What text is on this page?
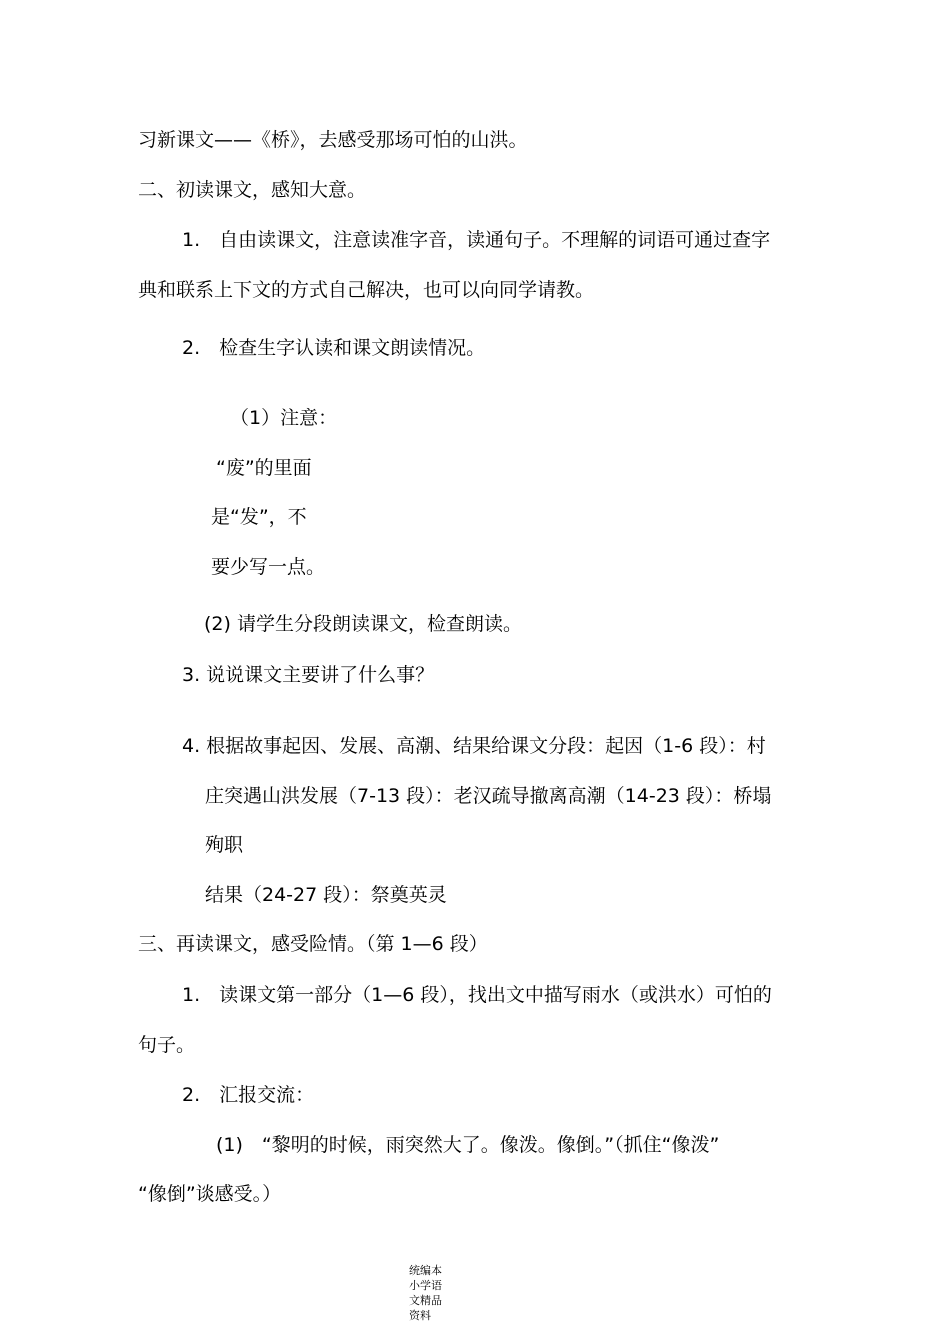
习新课文——《桥》，去感受那场可怕的山洪。
二、初读课文，感知大意。
1.　自由读课文，注意读准字音，读通句子。不理解的词语可通过查字
典和联系上下文的方式自己解决，也可以向同学请教。
2.　检查生字认读和课文朗读情况。
（1）注意：
“废”的里面
是“发”，不
要少写一点。
(2) 请学生分段朗读课文，检查朗读。
3. 说说课文主要讲了什么事？
4. 根据故事起因、发展、高潮、结果给课文分段：起因（1-6 段）：村
庄突遇山洪发展（7-13 段）：老汉疏导撤离高潮（14-23 段）：桥塌
殉职
结果（24-27 段）：祭奠英灵
三、再读课文，感受险情。（第 1—6 段）
1.　读课文第一部分（1—6 段），找出文中描写雨水（或洪水）可怕的
句子。
2.　汇报交流：
(1)　“黎明的时候，雨突然大了。像泼。像倒。”（抓住“像泼”
“像倒”谈感受。）
统编本
小学语
文精品
资料
